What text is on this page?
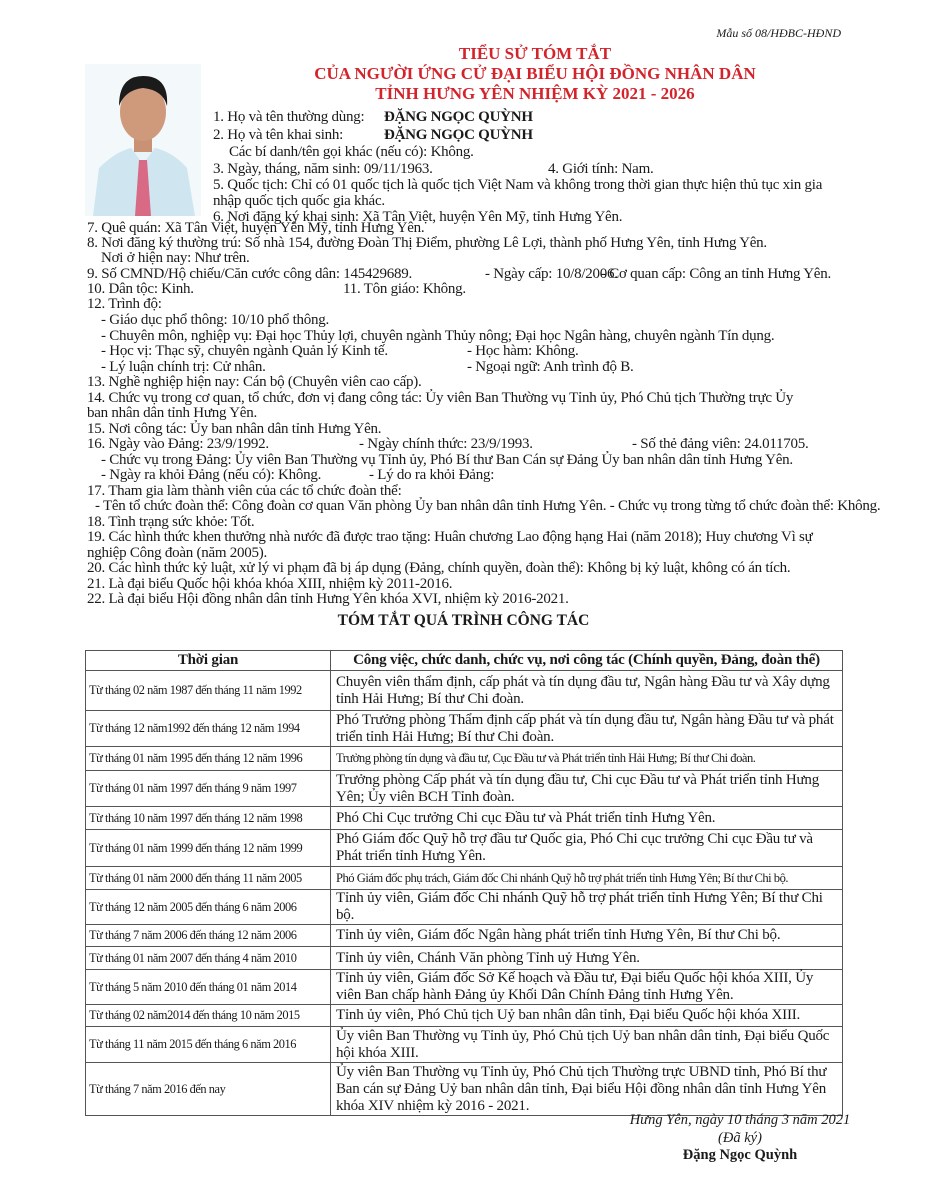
Mẫu số 08/HĐBC-HĐND
TIỂU SỬ TÓM TẮT
CỦA NGƯỜI ỨNG CỬ ĐẠI BIỂU HỘI ĐỒNG NHÂN DÂN
TỈNH HƯNG YÊN NHIỆM KỲ 2021 - 2026
1. Họ và tên thường dùng: ĐẶNG NGỌC QUỲNH
2. Họ và tên khai sinh:	ĐẶNG NGỌC QUỲNH
Các bí danh/tên gọi khác (nếu có): Không.
3. Ngày, tháng, năm sinh: 09/11/1963.	4. Giới tính: Nam.
5. Quốc tịch: Chỉ có 01 quốc tịch là quốc tịch Việt Nam và không trong thời gian thực hiện thủ tục xin gia
nhập quốc tịch quốc gia khác.
6. Nơi đăng ký khai sinh: Xã Tân Việt, huyện Yên Mỹ, tỉnh Hưng Yên.
7. Quê quán: Xã Tân Việt, huyện Yên Mỹ, tỉnh Hưng Yên.
8. Nơi đăng ký thường trú: Số nhà 154, đường Đoàn Thị Điểm, phường Lê Lợi, thành phố Hưng Yên, tỉnh Hưng Yên.
Nơi ở hiện nay: Như trên.
9. Số CMND/Hộ chiếu/Căn cước công dân: 145429689.	- Ngày cấp: 10/8/2006.
- Cơ quan cấp: Công an tỉnh Hưng Yên.
10. Dân tộc: Kinh.	11. Tôn giáo: Không.
12. Trình độ:
- Giáo dục phổ thông: 10/10 phổ thông.
- Chuyên môn, nghiệp vụ: Đại học Thủy lợi, chuyên ngành Thủy nông; Đại học Ngân hàng, chuyên ngành Tín dụng.
- Học vị: Thạc sỹ, chuyên ngành Quản lý Kinh tế.	- Học hàm: Không.
- Lý luận chính trị: Cử nhân.	- Ngoại ngữ: Anh trình độ B.
13. Nghề nghiệp hiện nay: Cán bộ (Chuyên viên cao cấp).
14. Chức vụ trong cơ quan, tổ chức, đơn vị đang công tác: Ủy viên Ban Thường vụ Tỉnh ủy, Phó Chủ tịch Thường trực Ủy
ban nhân dân tỉnh Hưng Yên.
15. Nơi công tác: Ủy ban nhân dân tỉnh Hưng Yên.
16. Ngày vào Đảng: 23/9/1992.	- Ngày chính thức: 23/9/1993.	- Số thẻ đảng viên: 24.011705.
- Chức vụ trong Đảng: Ủy viên Ban Thường vụ Tỉnh ủy, Phó Bí thư Ban Cán sự Đảng Ủy ban nhân dân tỉnh Hưng Yên.
- Ngày ra khỏi Đảng (nếu có): Không.	- Lý do ra khỏi Đảng:
17. Tham gia làm thành viên của các tổ chức đoàn thể:
- Tên tổ chức đoàn thể: Công đoàn cơ quan Văn phòng Ủy ban nhân dân tỉnh Hưng Yên. - Chức vụ trong từng tổ chức đoàn thể: Không.
18. Tình trạng sức khỏe: Tốt.
19. Các hình thức khen thưởng nhà nước đã được trao tặng: Huân chương Lao động hạng Hai (năm 2018); Huy chương Vì sự
nghiệp Công đoàn (năm 2005).
20. Các hình thức kỷ luật, xử lý vi phạm đã bị áp dụng (Đảng, chính quyền, đoàn thể): Không bị kỷ luật, không có án tích.
21. Là đại biểu Quốc hội khóa khóa XIII, nhiệm kỳ 2011-2016.
22. Là đại biểu Hội đồng nhân dân tỉnh Hưng Yên khóa XVI, nhiệm kỳ 2016-2021.
TÓM TẮT QUÁ TRÌNH CÔNG TÁC
Thời gian	Công việc, chức danh, chức vụ, nơi công tác (Chính quyền, Đảng, đoàn thể)
Từ tháng 02 năm 1987 đến tháng 11 năm 1992	Chuyên viên thẩm định, cấp phát và tín dụng đầu tư, Ngân hàng Đầu tư và Xây dựng tỉnh Hải Hưng; Bí thư Chi đoàn.
Từ tháng 12 năm1992 đến tháng 12 năm 1994	Phó Trưởng phòng Thẩm định cấp phát và tín dụng đầu tư, Ngân hàng Đầu tư và phát triển tỉnh Hải Hưng; Bí thư Chi đoàn.
Từ tháng 01 năm 1995 đến tháng 12 năm 1996	Trưởng phòng tín dụng và đầu tư, Cục Đầu tư và Phát triển tỉnh Hải Hưng; Bí thư Chi đoàn.
Từ tháng 01 năm 1997 đến tháng 9 năm 1997	Trưởng phòng Cấp phát và tín dụng đầu tư, Chi cục Đầu tư và Phát triển tỉnh Hưng Yên; Ủy viên BCH Tỉnh đoàn.
Từ tháng 10 năm 1997 đến tháng 12 năm 1998	Phó Chi Cục trưởng Chi cục Đầu tư và Phát triển tỉnh Hưng Yên.
Từ tháng 01 năm 1999 đến tháng 12 năm 1999	Phó Giám đốc Quỹ hỗ trợ đầu tư Quốc gia, Phó Chi cục trưởng Chi cục Đầu tư và Phát triển tỉnh Hưng Yên.
Từ tháng 01 năm 2000 đến tháng 11 năm 2005	Phó Giám đốc phụ trách, Giám đốc Chi nhánh Quỹ hỗ trợ phát triển tỉnh Hưng Yên; Bí thư Chi bộ.
Từ tháng 12 năm 2005 đến tháng 6 năm 2006	Tỉnh ủy viên, Giám đốc Chi nhánh Quỹ hỗ trợ phát triển tỉnh Hưng Yên; Bí thư Chi bộ.
Từ tháng 7 năm 2006 đến tháng 12 năm 2006	Tỉnh ủy viên, Giám đốc Ngân hàng phát triển tỉnh Hưng Yên, Bí thư Chi bộ.
Từ tháng 01 năm 2007 đến tháng 4 năm 2010	Tỉnh ủy viên, Chánh Văn phòng Tỉnh uỷ Hưng Yên.
Từ tháng 5 năm 2010 đến tháng 01 năm 2014	Tỉnh ủy viên, Giám đốc Sở Kế hoạch và Đầu tư, Đại biểu Quốc hội khóa XIII, Ủy viên Ban chấp hành Đảng ủy Khối Dân Chính Đảng tỉnh Hưng Yên.
Từ tháng 02 năm2014 đến tháng 10 năm 2015	Tỉnh ủy viên, Phó Chủ tịch Uỷ ban nhân dân tỉnh, Đại biểu Quốc hội khóa XIII.
Từ tháng 11 năm 2015 đến tháng 6 năm 2016	Ủy viên Ban Thường vụ Tỉnh ủy, Phó Chủ tịch Uỷ ban nhân dân tỉnh, Đại biểu Quốc hội khóa XIII.
Từ tháng 7 năm 2016 đến nay	Ủy viên Ban Thường vụ Tỉnh ủy, Phó Chủ tịch Thường trực UBND tỉnh, Phó Bí thư Ban cán sự Đảng Uỷ ban nhân dân tỉnh, Đại biểu Hội đồng nhân dân tỉnh Hưng Yên khóa XIV nhiệm kỳ 2016 - 2021.
Hưng Yên, ngày 10 tháng 3 năm 2021
(Đã ký)
Đặng Ngọc Quỳnh
